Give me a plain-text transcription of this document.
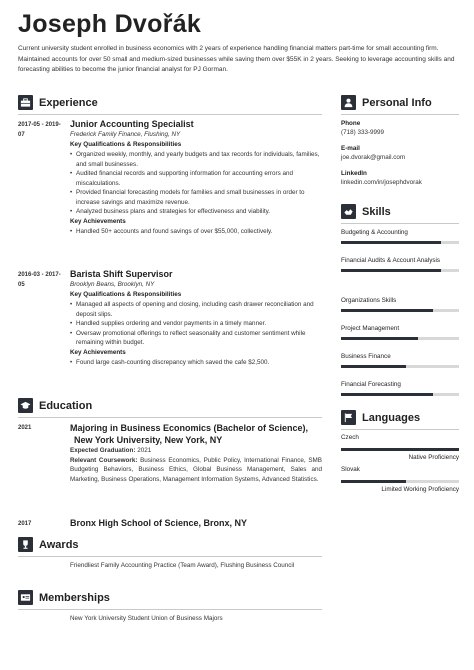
Joseph Dvořák
Current university student enrolled in business economics with 2 years of experience handling financial matters part-time for small accounting firm. Maintained accounts for over 50 small and medium-sized businesses while saving them over $55K in 2 years. Seeking to leverage accounting skills and forecasting abilities to become the junior financial analyst for PJ Gorman.
Experience
2017-05 - 2019-07
Junior Accounting Specialist
Frederick Family Finance, Flushing, NY
Key Qualifications & Responsibilities
• Organized weekly, monthly, and yearly budgets and tax records for individuals, families, and small businesses.
• Audited financial records and supporting information for accounting errors and miscalculations.
• Provided financial forecasting models for families and small businesses in order to increase savings and maximize revenue.
• Analyzed business plans and strategies for effectiveness and viability.
Key Achievements
• Handled 50+ accounts and found savings of over $55,000, collectively.
2016-03 - 2017-05
Barista Shift Supervisor
Brooklyn Beans, Brooklyn, NY
Key Qualifications & Responsibilities
• Managed all aspects of opening and closing, including cash drawer reconciliation and deposit slips.
• Handled supplies ordering and vendor payments in a timely manner.
• Oversaw promotional offerings to reflect seasonality and customer sentiment while remaining within budget.
Key Achievements
• Found large cash-counting discrepancy which saved the cafe $2,500.
Education
2021	Majoring in Business Economics (Bachelor of Science),
New York University, New York, NY
Expected Graduation: 2021
Relevant Coursework: Business Economics, Public Policy, International Finance, SMB Budgeting Behaviors, Business Ethics, Global Business Management, Sales and Marketing, Business Operations, Management Information Systems, Advanced Statistics.
2017	Bronx High School of Science, Bronx, NY
Awards
Friendliest Family Accounting Practice (Team Award), Flushing Business Council
Memberships
New York University Student Union of Business Majors
Personal Info
Phone
(718) 333-9999
E-mail
joe.dvorak@gmail.com
LinkedIn
linkedin.com/in/josephdvorak
Skills
Budgeting & Accounting
Financial Audits & Account Analysis
Organizations Skills
Project Management
Business Finance
Financial Forecasting
Languages
Czech
Native Proficiency
Slovak
Limited Working Proficiency
